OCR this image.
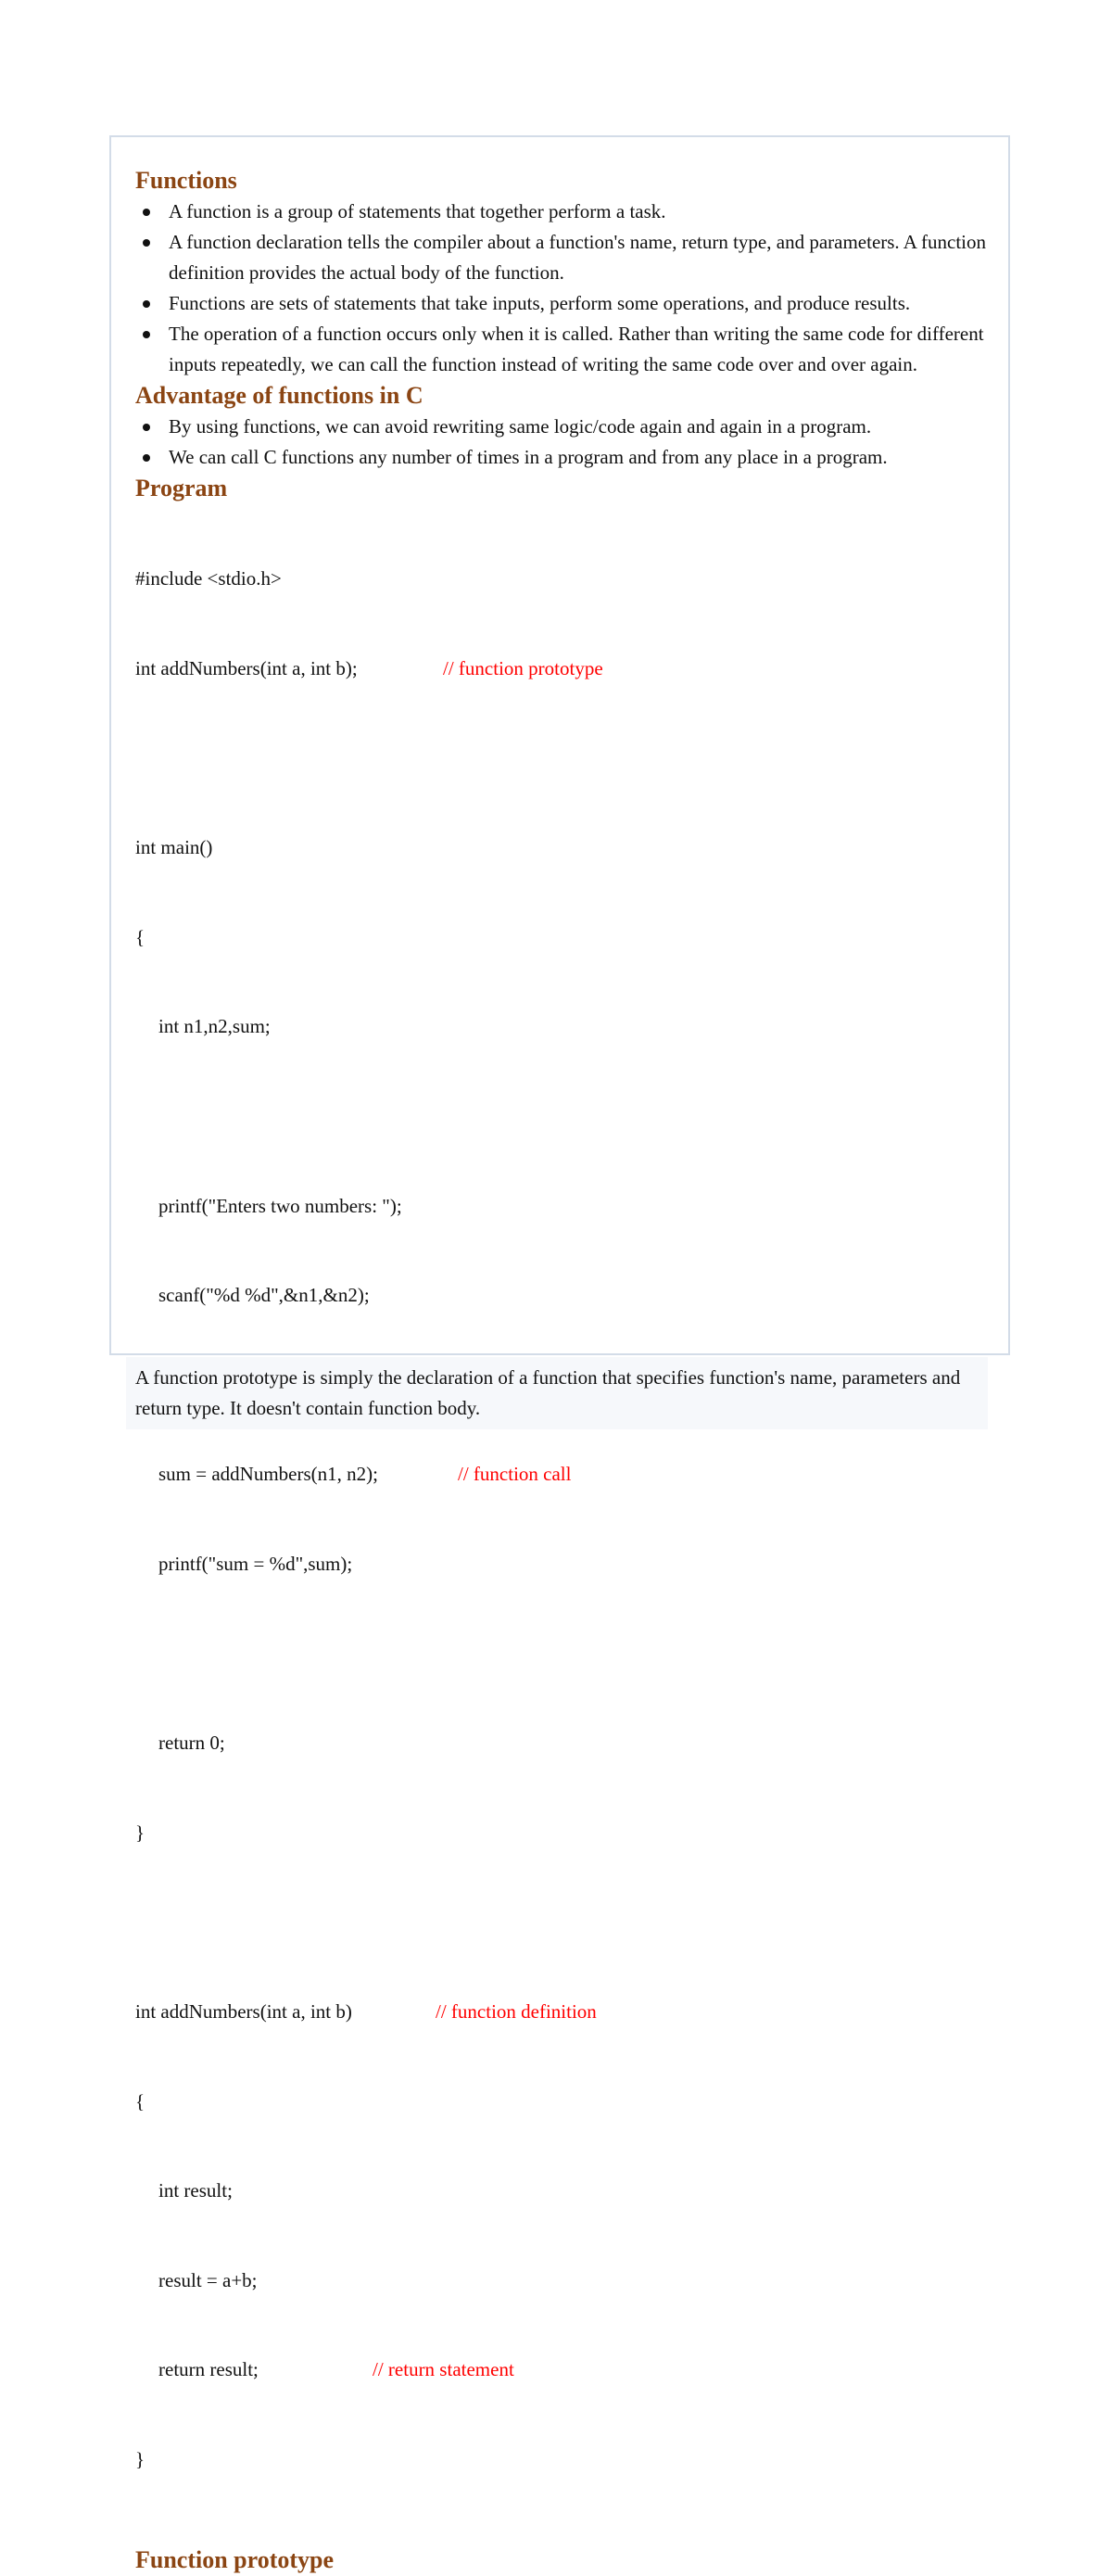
Functions
A function is a group of statements that together perform a task.
A function declaration tells the compiler about a function's name, return type, and parameters. A function definition provides the actual body of the function.
Functions are sets of statements that take inputs, perform some operations, and produce results.
The operation of a function occurs only when it is called. Rather than writing the same code for different inputs repeatedly, we can call the function instead of writing the same code over and over again.
Advantage of functions in C
By using functions, we can avoid rewriting same logic/code again and again in a program.
We can call C functions any number of times in a program and from any place in a program.
Program

#include <stdio.h>

int addNumbers(int a, int b);	// function prototype

int main()

{

int n1,n2,sum;

printf("Enters two numbers: ");

scanf("%d %d",&n1,&n2);

sum = addNumbers(n1, n2);	// function call

printf("sum = %d",sum);

return 0;

}

int addNumbers(int a, int b)	// function definition

{

int result;

result = a+b;

return result;	// return statement

}

Function prototype
A function prototype is simply the declaration of a function that specifies function's name, parameters and return type. It doesn't contain function body.
